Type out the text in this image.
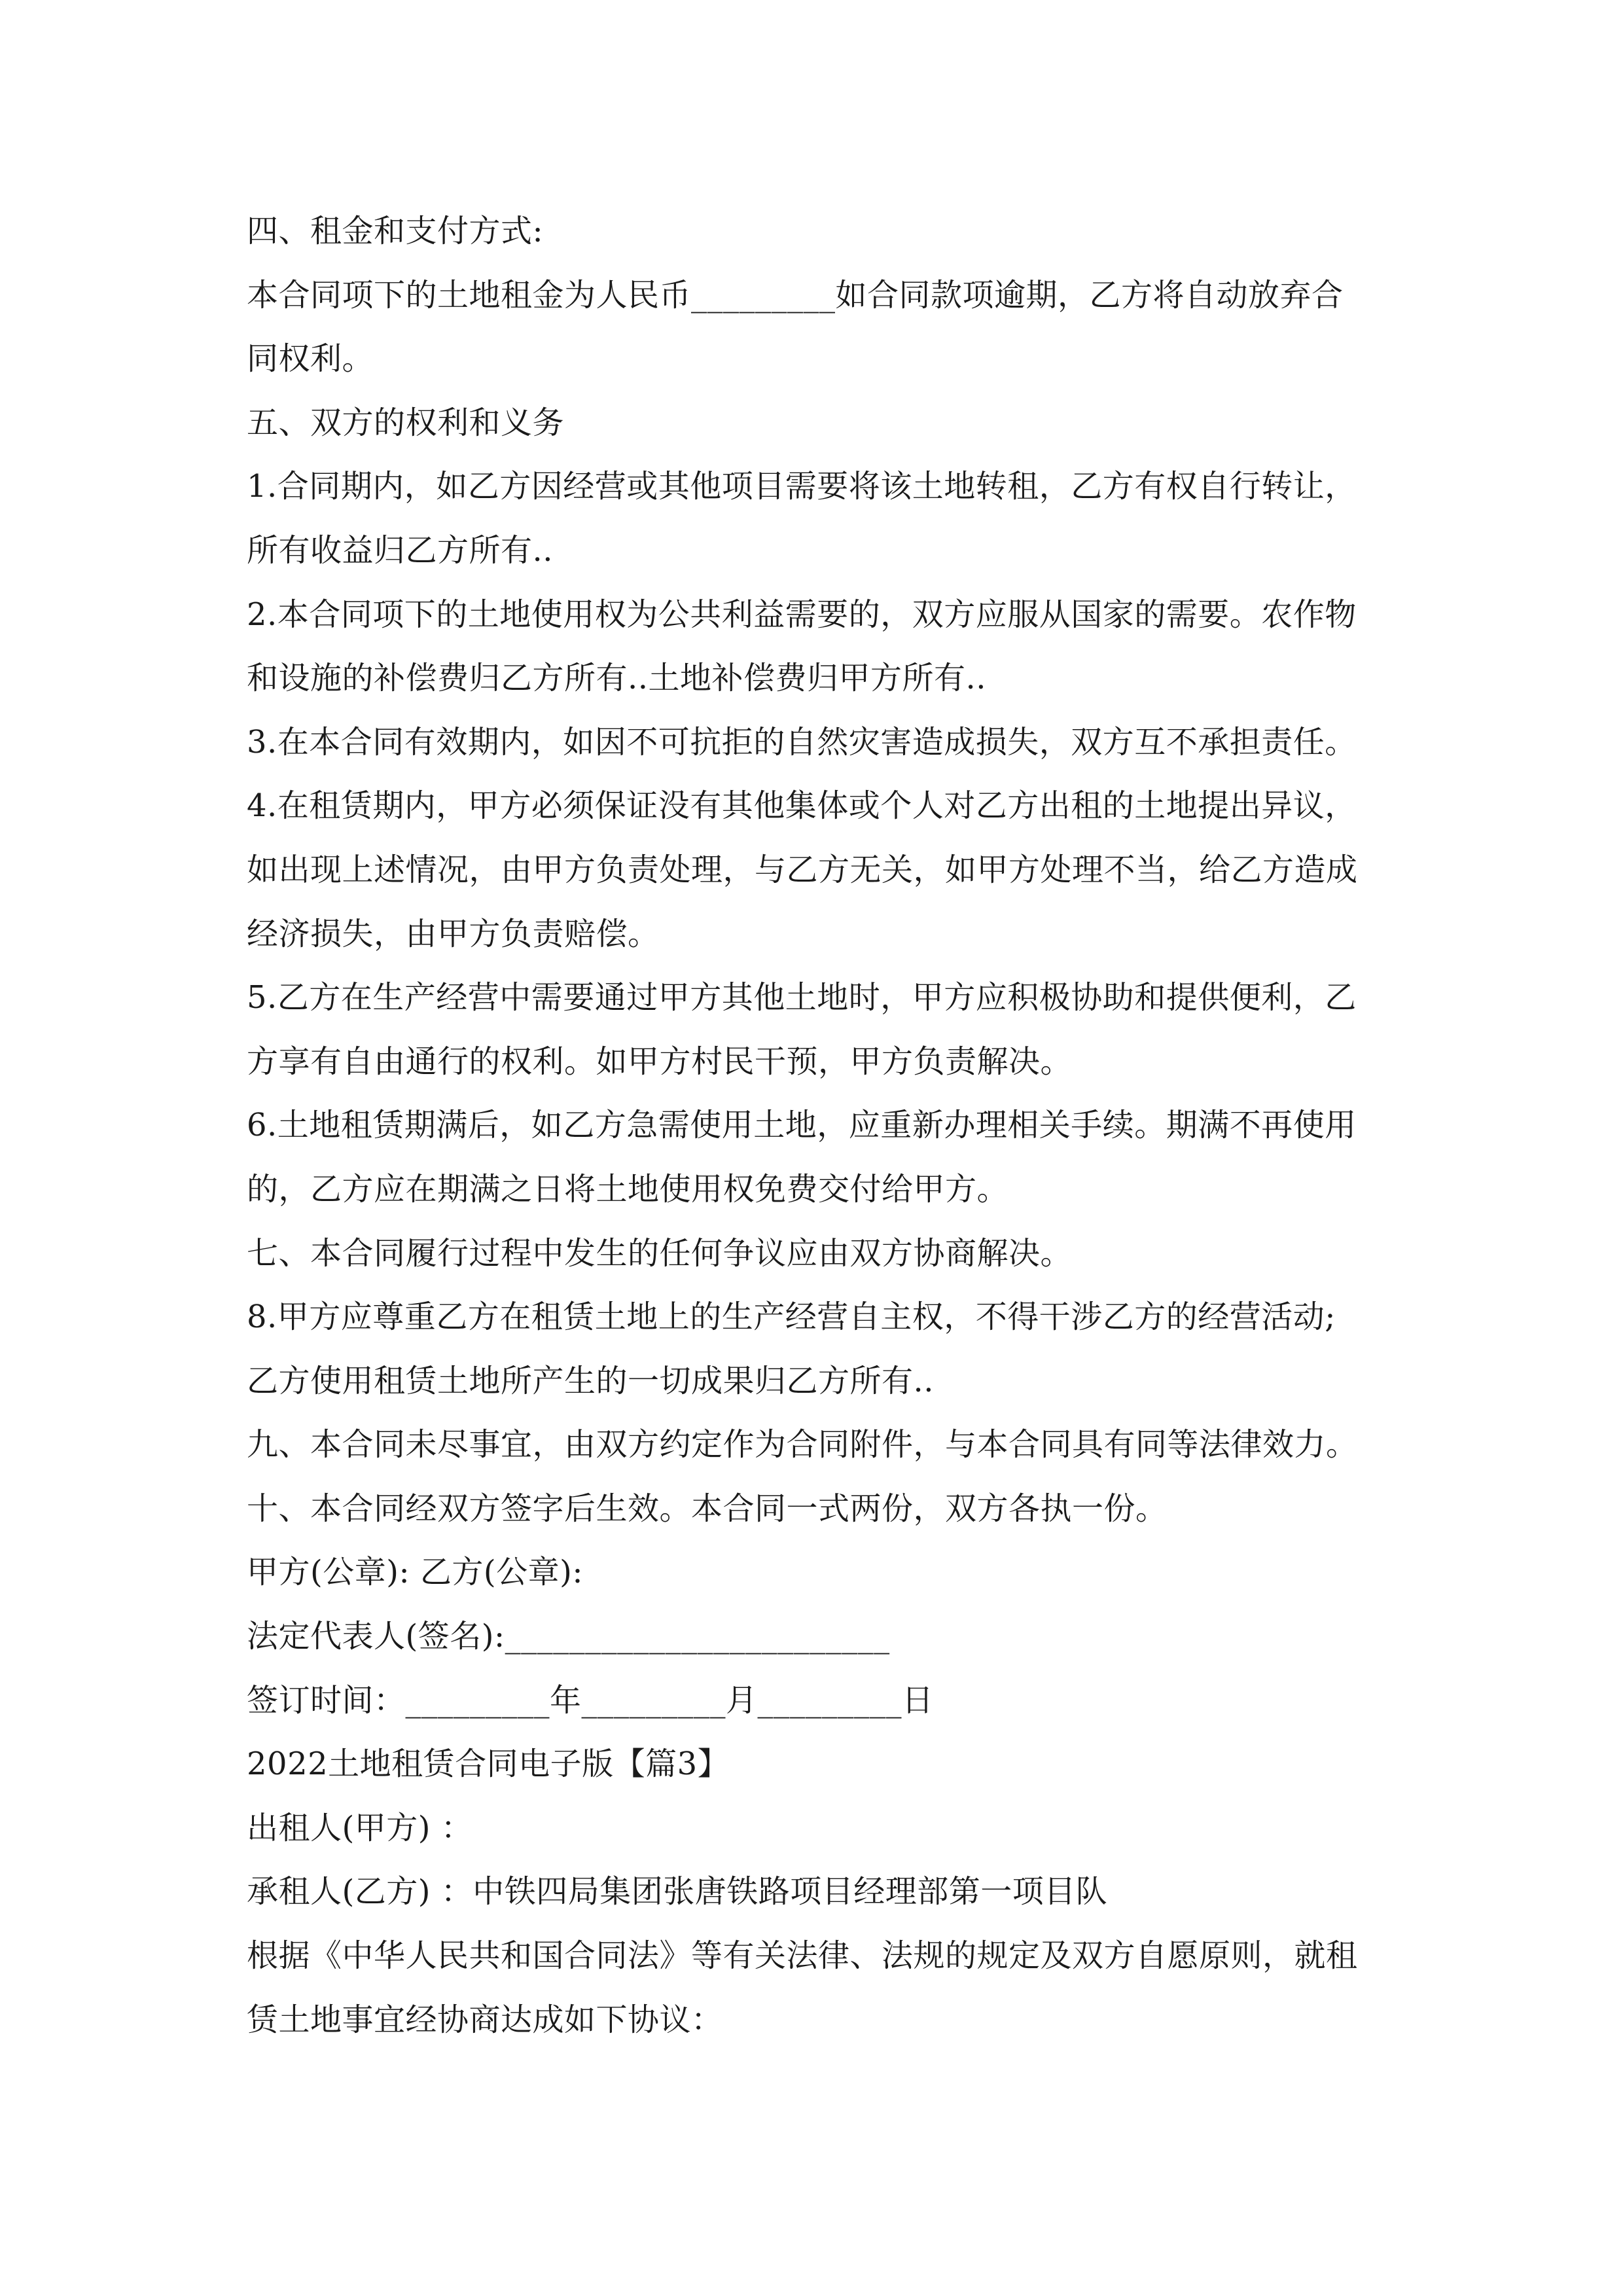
四、租金和支付方式:
本合同项下的土地租金为人民币_________如合同款项逾期，乙方将自动放弃合
同权利。
五、双方的权利和义务
1.合同期内，如乙方因经营或其他项目需要将该土地转租，乙方有权自行转让，
所有收益归乙方所有..
2.本合同项下的土地使用权为公共利益需要的，双方应服从国家的需要。农作物
和设施的补偿费归乙方所有..土地补偿费归甲方所有..
3.在本合同有效期内，如因不可抗拒的自然灾害造成损失，双方互不承担责任。
4.在租赁期内，甲方必须保证没有其他集体或个人对乙方出租的土地提出异议，
如出现上述情况，由甲方负责处理，与乙方无关，如甲方处理不当，给乙方造成
经济损失，由甲方负责赔偿。
5.乙方在生产经营中需要通过甲方其他土地时，甲方应积极协助和提供便利，乙
方享有自由通行的权利。如甲方村民干预，甲方负责解决。
6.土地租赁期满后，如乙方急需使用土地，应重新办理相关手续。期满不再使用
的，乙方应在期满之日将土地使用权免费交付给甲方。
七、本合同履行过程中发生的任何争议应由双方协商解决。
8.甲方应尊重乙方在租赁土地上的生产经营自主权，不得干涉乙方的经营活动;
乙方使用租赁土地所产生的一切成果归乙方所有..
九、本合同未尽事宜，由双方约定作为合同附件，与本合同具有同等法律效力。
十、本合同经双方签字后生效。本合同一式两份，双方各执一份。
甲方(公章): 乙方(公章):
法定代表人(签名):________________________
签订时间：_________年_________月_________日
2022土地租赁合同电子版【篇3】
出租人(甲方) ：
承租人(乙方) ：中铁四局集团张唐铁路项目经理部第一项目队
根据《中华人民共和国合同法》等有关法律、法规的规定及双方自愿原则，就租
赁土地事宜经协商达成如下协议：
